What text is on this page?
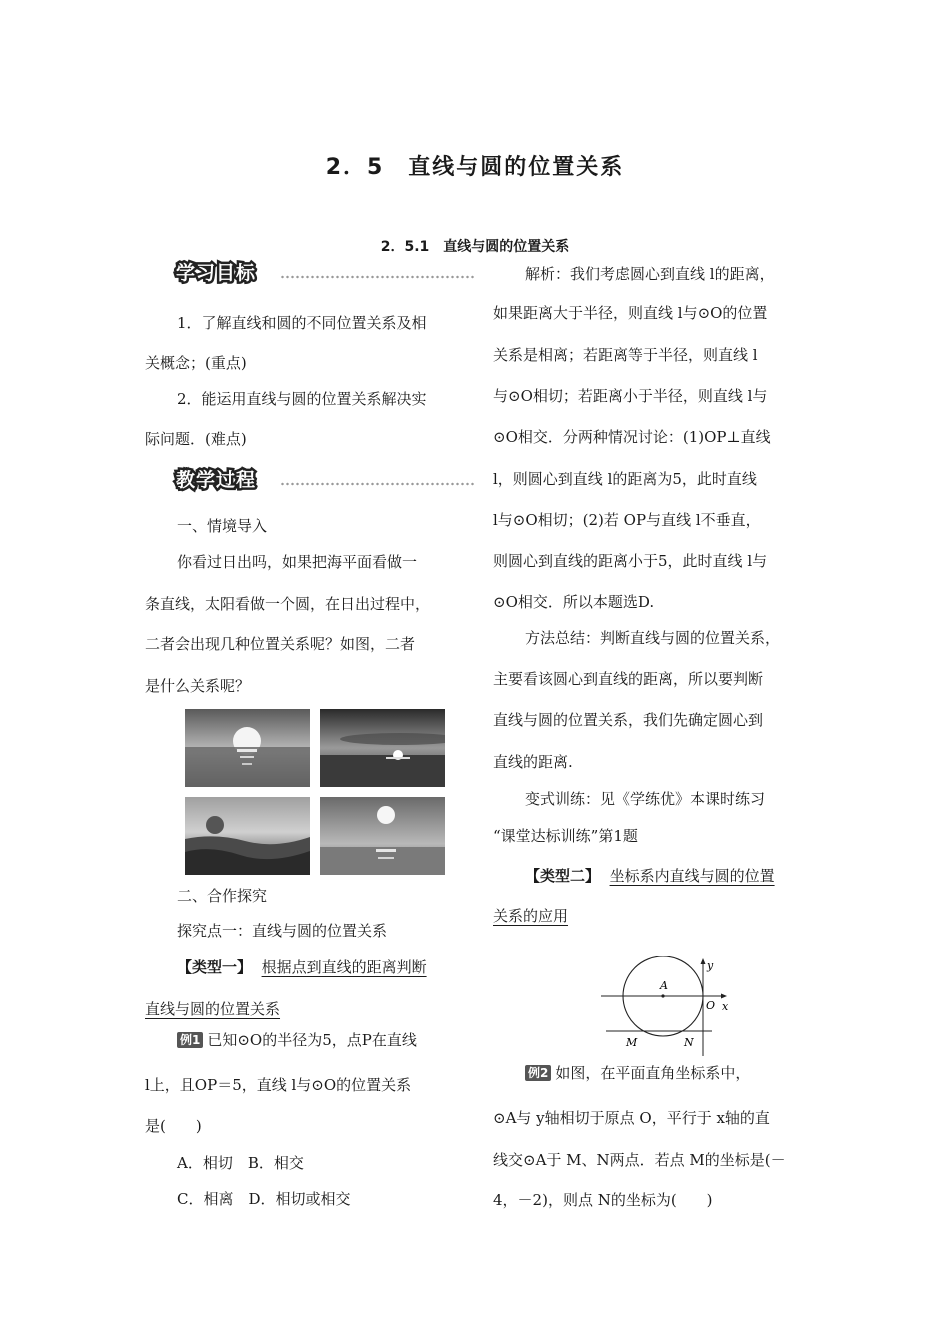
2．5　直线与圆的位置关系
2．5.1　直线与圆的位置关系
学习目标
1．了解直线和圆的不同位置关系及相
关概念；(重点)
2．能运用直线与圆的位置关系解决实
际问题．(难点)
教学过程
一、情境导入
你看过日出吗，如果把海平面看做一
条直线，太阳看做一个圆，在日出过程中，
二者会出现几种位置关系呢？如图，二者
是什么关系呢？
二、合作探究
探究点一：直线与圆的位置关系
【类型一】 根据点到直线的距离判断
直线与圆的位置关系
例1 已知⊙O的半径为5，点P在直线
l上，且OP＝5，直线 l与⊙O的位置关系
是(　　)
A．相切　B．相交
C．相离　D．相切或相交
解析：我们考虑圆心到直线 l的距离，
如果距离大于半径，则直线 l与⊙O的位置
关系是相离；若距离等于半径，则直线 l
与⊙O相切；若距离小于半径，则直线 l与
⊙O相交．分两种情况讨论：(1)OP⊥直线
l，则圆心到直线 l的距离为5，此时直线
l与⊙O相切；(2)若 OP与直线 l不垂直，
则圆心到直线的距离小于5，此时直线 l与
⊙O相交．所以本题选D.
方法总结：判断直线与圆的位置关系，
主要看该圆心到直线的距离，所以要判断
直线与圆的位置关系，我们先确定圆心到
直线的距离.
变式训练：见《学练优》本课时练习
“课堂达标训练”第1题
【类型二】 坐标系内直线与圆的位置
关系的应用
A
y
O x
M	N
例2 如图，在平面直角坐标系中，
⊙A与 y轴相切于原点 O，平行于 x轴的直
线交⊙A于 M、N两点．若点 M的坐标是(－
4，－2)，则点 N的坐标为(　　)
